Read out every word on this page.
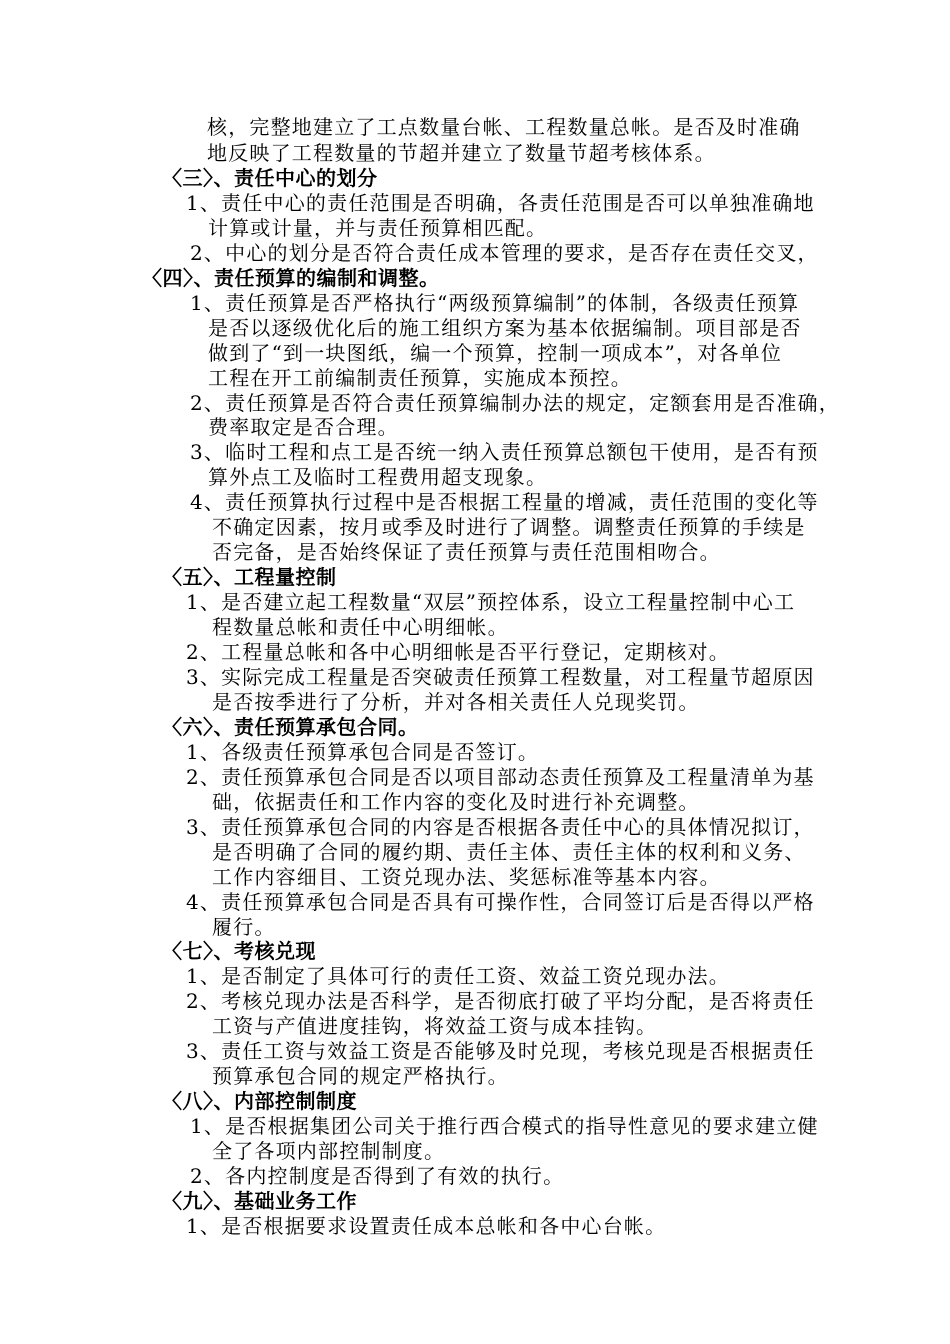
核，完整地建立了工点数量台帐、工程数量总帐。是否及时准确
地反映了工程数量的节超并建立了数量节超考核体系。
〈三〉、责任中心的划分
1、责任中心的责任范围是否明确，各责任范围是否可以单独准确地
计算或计量，并与责任预算相匹配。
2、中心的划分是否符合责任成本管理的要求，是否存在责任交叉，
〈四〉、责任预算的编制和调整。
1、责任预算是否严格执行“两级预算编制”的体制，各级责任预算
是否以逐级优化后的施工组织方案为基本依据编制。项目部是否
做到了“到一块图纸，编一个预算，控制一项成本”，对各单位
工程在开工前编制责任预算，实施成本预控。
2、责任预算是否符合责任预算编制办法的规定，定额套用是否准确，
费率取定是否合理。
3、临时工程和点工是否统一纳入责任预算总额包干使用，是否有预
算外点工及临时工程费用超支现象。
4、责任预算执行过程中是否根据工程量的增减，责任范围的变化等
不确定因素，按月或季及时进行了调整。调整责任预算的手续是
否完备，是否始终保证了责任预算与责任范围相吻合。
〈五〉、工程量控制
1、是否建立起工程数量“双层”预控体系，设立工程量控制中心工
程数量总帐和责任中心明细帐。
2、工程量总帐和各中心明细帐是否平行登记，定期核对。
3、实际完成工程量是否突破责任预算工程数量，对工程量节超原因
是否按季进行了分析，并对各相关责任人兑现奖罚。
〈六〉、责任预算承包合同。
1、各级责任预算承包合同是否签订。
2、责任预算承包合同是否以项目部动态责任预算及工程量清单为基
础，依据责任和工作内容的变化及时进行补充调整。
3、责任预算承包合同的内容是否根据各责任中心的具体情况拟订，
是否明确了合同的履约期、责任主体、责任主体的权利和义务、
工作内容细目、工资兑现办法、奖惩标准等基本内容。
4、责任预算承包合同是否具有可操作性，合同签订后是否得以严格
履行。
〈七〉、考核兑现
1、是否制定了具体可行的责任工资、效益工资兑现办法。
2、考核兑现办法是否科学，是否彻底打破了平均分配，是否将责任
工资与产值进度挂钩，将效益工资与成本挂钩。
3、责任工资与效益工资是否能够及时兑现，考核兑现是否根据责任
预算承包合同的规定严格执行。
〈八〉、内部控制制度
1、是否根据集团公司关于推行西合模式的指导性意见的要求建立健
全了各项内部控制制度。
2、各内控制度是否得到了有效的执行。
〈九〉、基础业务工作
1、是否根据要求设置责任成本总帐和各中心台帐。
